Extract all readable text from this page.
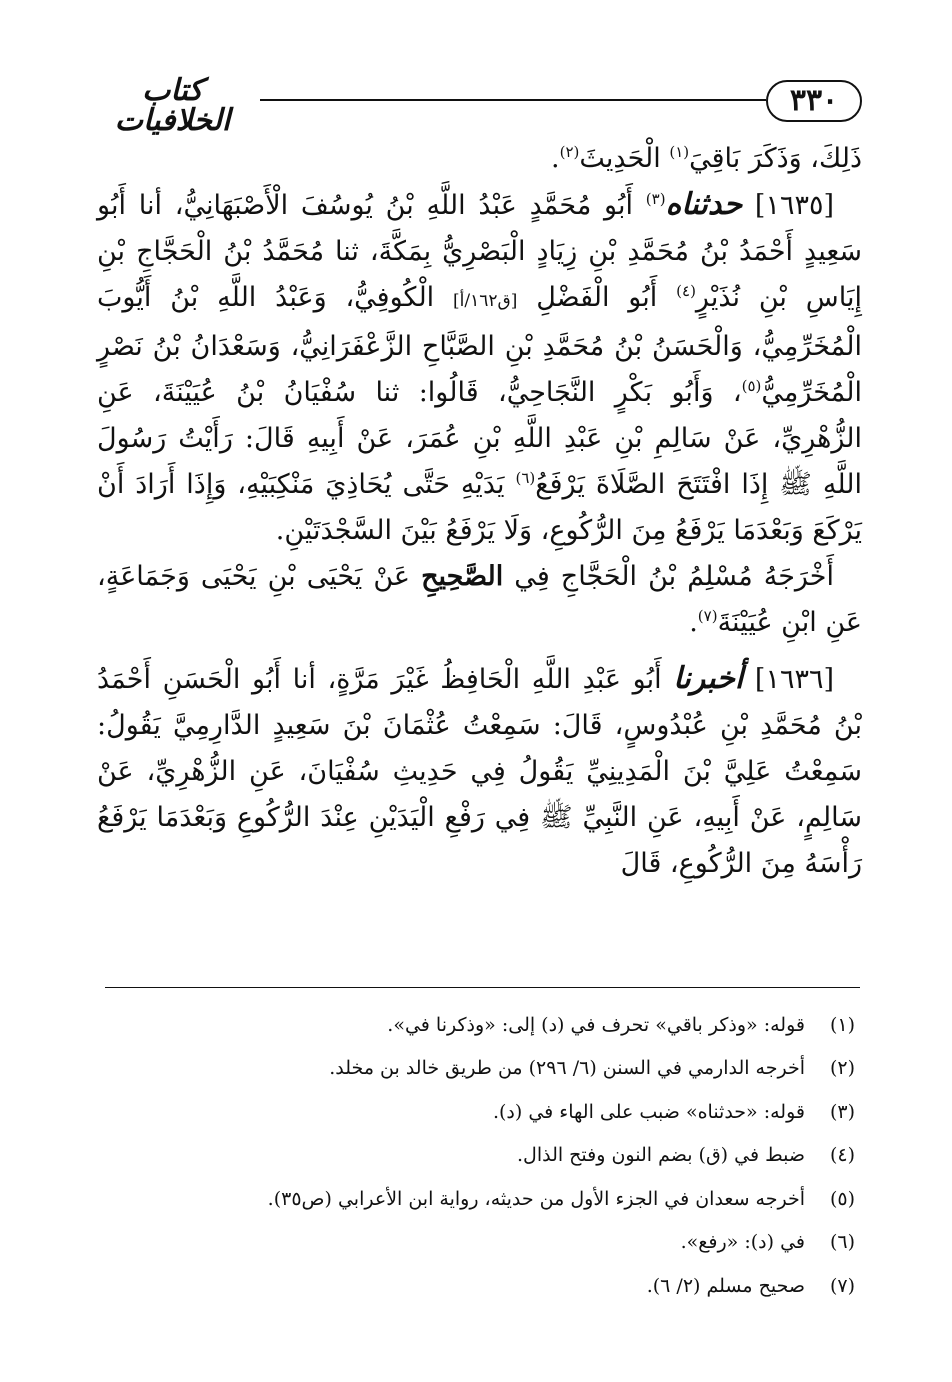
٣٣٠
كتاب الخلافيات

ذَلِكَ، وَذَكَرَ بَاقِيَ$^{(١)}$ الْحَدِيثَ$^{(٢)}$.

[١٦٣٥] حدثناه$^{(٣)}$ أَبُو مُحَمَّدٍ عَبْدُ اللَّهِ بْنُ يُوسُفَ الْأَصْبَهَانِيُّ، أنا أَبُو سَعِيدٍ أَحْمَدُ بْنُ مُحَمَّدِ بْنِ زِيَادٍ الْبَصْرِيُّ بِمَكَّةَ، ثنا مُحَمَّدُ بْنُ الْحَجَّاجِ بْنِ إِيَاسِ بْنِ نُذَيْرٍ$^{(٤)}$ أَبُو الْفَضْلِ [ق١٦٢/أ] الْكُوفِيُّ، وَعَبْدُ اللَّهِ بْنُ أَيُّوبَ الْمُخَرِّمِيُّ، وَالْحَسَنُ بْنُ مُحَمَّدِ بْنِ الصَّبَّاحِ الزَّعْفَرَانِيُّ، وَسَعْدَانُ بْنُ نَصْرٍ الْمُخَرِّمِيُّ$^{(٥)}$، وَأَبُو بَكْرٍ النَّجَاحِيُّ، قَالُوا: ثنا سُفْيَانُ بْنُ عُيَيْنَةَ، عَنِ الزُّهْرِيِّ، عَنْ سَالِمِ بْنِ عَبْدِ اللَّهِ بْنِ عُمَرَ، عَنْ أَبِيهِ قَالَ: رَأَيْتُ رَسُولَ اللَّهِ ﷺ إِذَا افْتَتَحَ الصَّلَاةَ يَرْفَعُ$^{(٦)}$ يَدَيْهِ حَتَّى يُحَاذِيَ مَنْكِبَيْهِ، وَإِذَا أَرَادَ أَنْ يَرْكَعَ وَبَعْدَمَا يَرْفَعُ مِنَ الرُّكُوعِ، وَلَا يَرْفَعُ بَيْنَ السَّجْدَتَيْنِ.

أَخْرَجَهُ مُسْلِمُ بْنُ الْحَجَّاجِ فِي الصَّحِيحِ عَنْ يَحْيَى بْنِ يَحْيَى وَجَمَاعَةٍ، عَنِ ابْنِ عُيَيْنَةَ$^{(٧)}$.

[١٦٣٦] أخبرنا أَبُو عَبْدِ اللَّهِ الْحَافِظُ غَيْرَ مَرَّةٍ، أنا أَبُو الْحَسَنِ أَحْمَدُ بْنُ مُحَمَّدِ بْنِ عُبْدُوسٍ، قَالَ: سَمِعْتُ عُثْمَانَ بْنَ سَعِيدٍ الدَّارِمِيَّ يَقُولُ: سَمِعْتُ عَلِيَّ بْنَ الْمَدِينِيِّ يَقُولُ فِي حَدِيثِ سُفْيَانَ، عَنِ الزُّهْرِيِّ، عَنْ سَالِمٍ، عَنْ أَبِيهِ، عَنِ النَّبِيِّ ﷺ فِي رَفْعِ الْيَدَيْنِ عِنْدَ الرُّكُوعِ وَبَعْدَمَا يَرْفَعُ رَأْسَهُ مِنَ الرُّكُوعِ، قَالَ

(١)
قوله: «وذكر باقي» تحرف في (د) إلى: «وذكرنا في».
(٢)
أخرجه الدارمي في السنن (٦/ ٢٩٦) من طريق خالد بن مخلد.
(٣)
قوله: «حدثناه» ضبب على الهاء في (د).
(٤)
ضبط في (ق) بضم النون وفتح الذال.
(٥)
أخرجه سعدان في الجزء الأول من حديثه، رواية ابن الأعرابي (ص٣٥).
(٦)
في (د): «رفع».
(٧)
صحيح مسلم (٢/ ٦).
